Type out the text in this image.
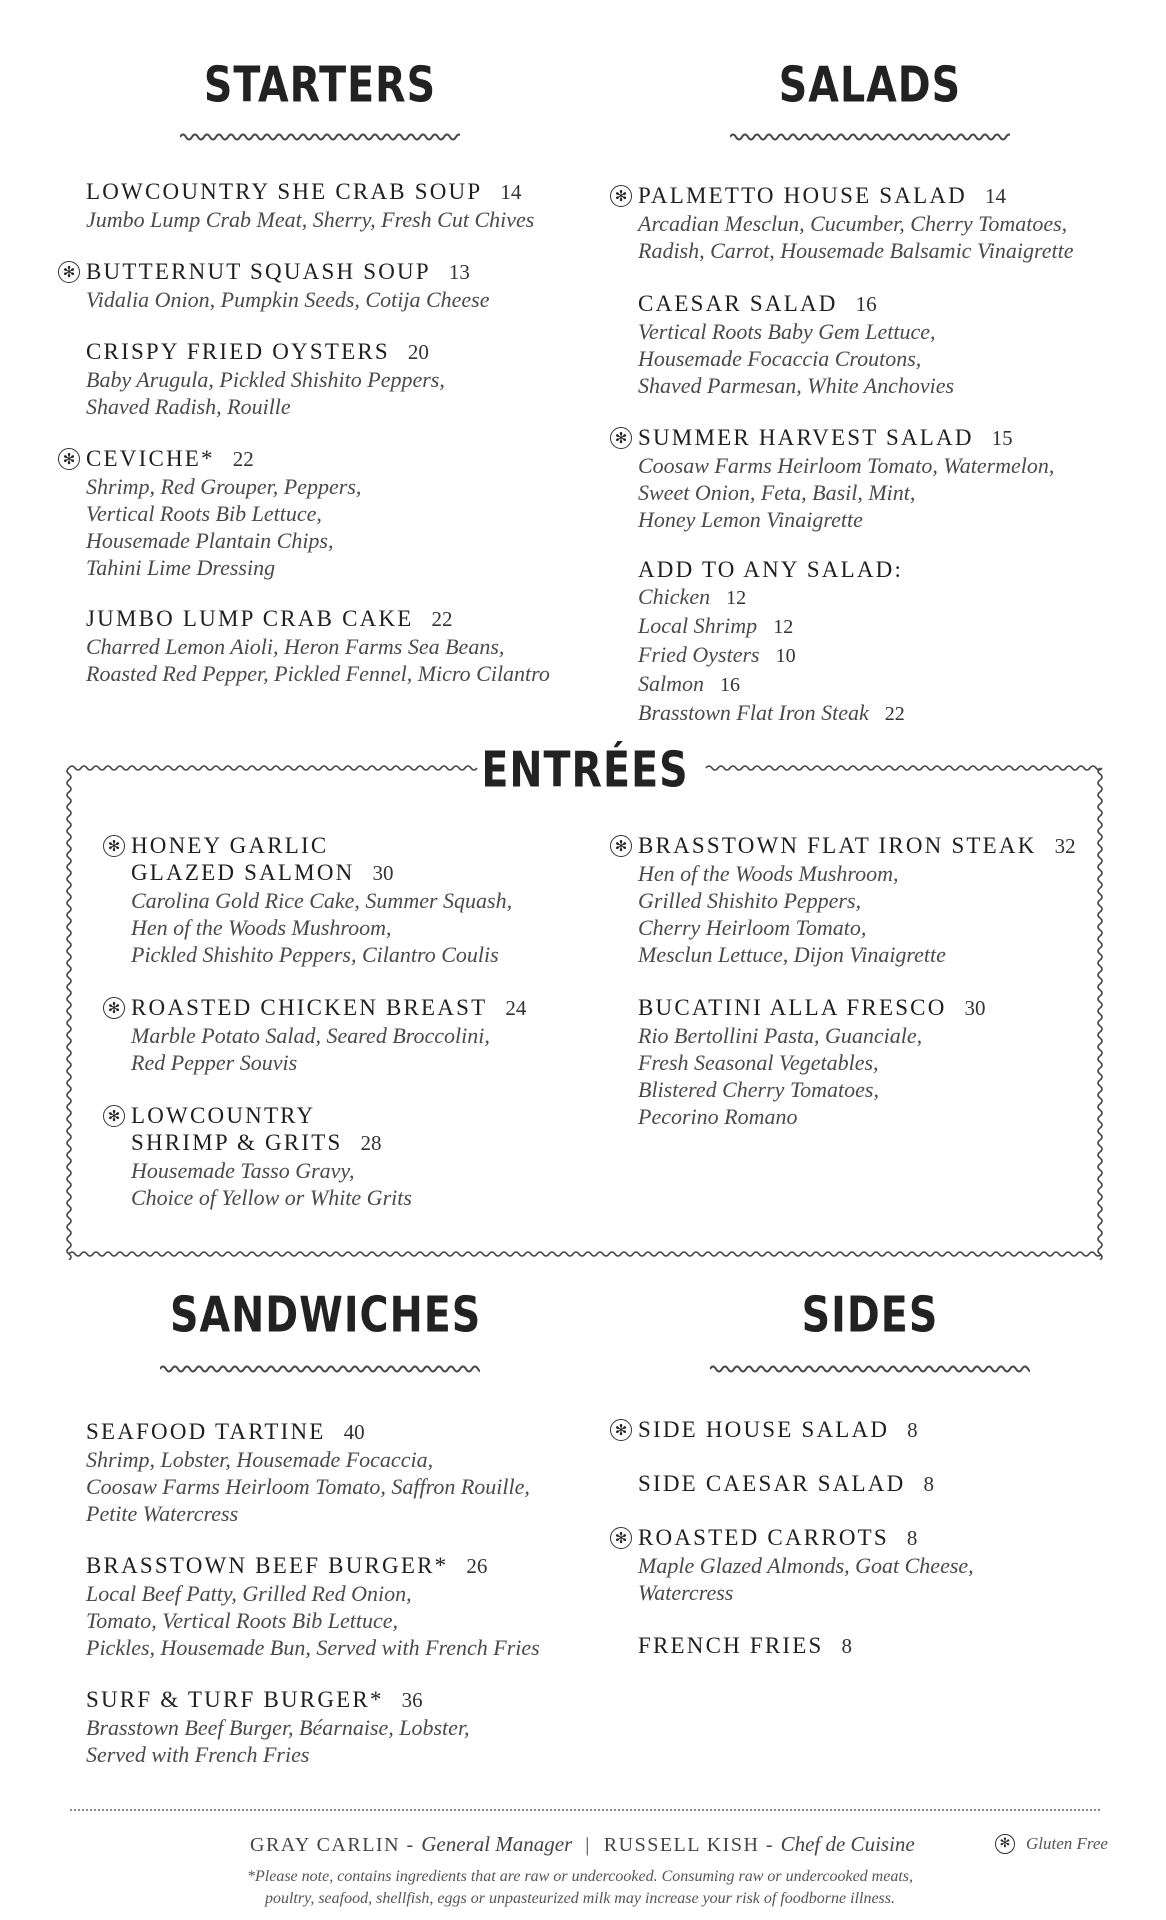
STARTERS	SALADS
ENTRÉES
SANDWICHES	SIDES
LOWCOUNTRY SHE CRAB SOUP 14
Jumbo Lump Crab Meat, Sherry, Fresh Cut Chives
BUTTERNUT SQUASH SOUP 13
Vidalia Onion, Pumpkin Seeds, Cotija Cheese
✻
CRISPY FRIED OYSTERS 20
Baby Arugula, Pickled Shishito Peppers,
Shaved Radish, Rouille
CEVICHE* 22
Shrimp, Red Grouper, Peppers,
Vertical Roots Bib Lettuce,
Housemade Plantain Chips,
Tahini Lime Dressing
✻
JUMBO LUMP CRAB CAKE 22
Charred Lemon Aioli, Heron Farms Sea Beans,
Roasted Red Pepper, Pickled Fennel, Micro Cilantro
PALMETTO HOUSE SALAD 14
Arcadian Mesclun, Cucumber, Cherry Tomatoes,
Radish, Carrot, Housemade Balsamic Vinaigrette
✻
CAESAR SALAD 16
Vertical Roots Baby Gem Lettuce,
Housemade Focaccia Croutons,
Shaved Parmesan, White Anchovies
SUMMER HARVEST SALAD 15
Coosaw Farms Heirloom Tomato, Watermelon,
Sweet Onion, Feta, Basil, Mint,
Honey Lemon Vinaigrette
✻
HONEY GARLIC
GLAZED SALMON 30
Carolina Gold Rice Cake, Summer Squash,
Hen of the Woods Mushroom,
Pickled Shishito Peppers, Cilantro Coulis
✻
ROASTED CHICKEN BREAST 24
Marble Potato Salad, Seared Broccolini,
Red Pepper Souvis
✻
LOWCOUNTRY
SHRIMP & GRITS 28
Housemade Tasso Gravy,
Choice of Yellow or White Grits
✻
BRASSTOWN FLAT IRON STEAK 32
Hen of the Woods Mushroom,
Grilled Shishito Peppers,
Cherry Heirloom Tomato,
Mesclun Lettuce, Dijon Vinaigrette
✻
BUCATINI ALLA FRESCO 30
Rio Bertollini Pasta, Guanciale,
Fresh Seasonal Vegetables,
Blistered Cherry Tomatoes,
Pecorino Romano
SEAFOOD TARTINE 40
Shrimp, Lobster, Housemade Focaccia,
Coosaw Farms Heirloom Tomato, Saffron Rouille,
Petite Watercress
BRASSTOWN BEEF BURGER* 26
Local Beef Patty, Grilled Red Onion,
Tomato, Vertical Roots Bib Lettuce,
Pickles, Housemade Bun, Served with French Fries
SURF & TURF BURGER* 36
Brasstown Beef Burger, Béarnaise, Lobster,
Served with French Fries
SIDE HOUSE SALAD 8
✻
SIDE CAESAR SALAD 8
ROASTED CARROTS 8
Maple Glazed Almonds, Goat Cheese,
Watercress
✻
FRENCH FRIES 8
ADD TO ANY SALAD:
Chicken 12
Local Shrimp 12
Fried Oysters 10
Salmon 16
Brasstown Flat Iron Steak 22
GRAY CARLIN - General Manager  |  RUSSELL KISH - Chef de Cuisine	✻ Gluten Free
*Please note, contains ingredients that are raw or undercooked. Consuming raw or undercooked meats,
poultry, seafood, shellfish, eggs or unpasteurized milk may increase your risk of foodborne illness.
